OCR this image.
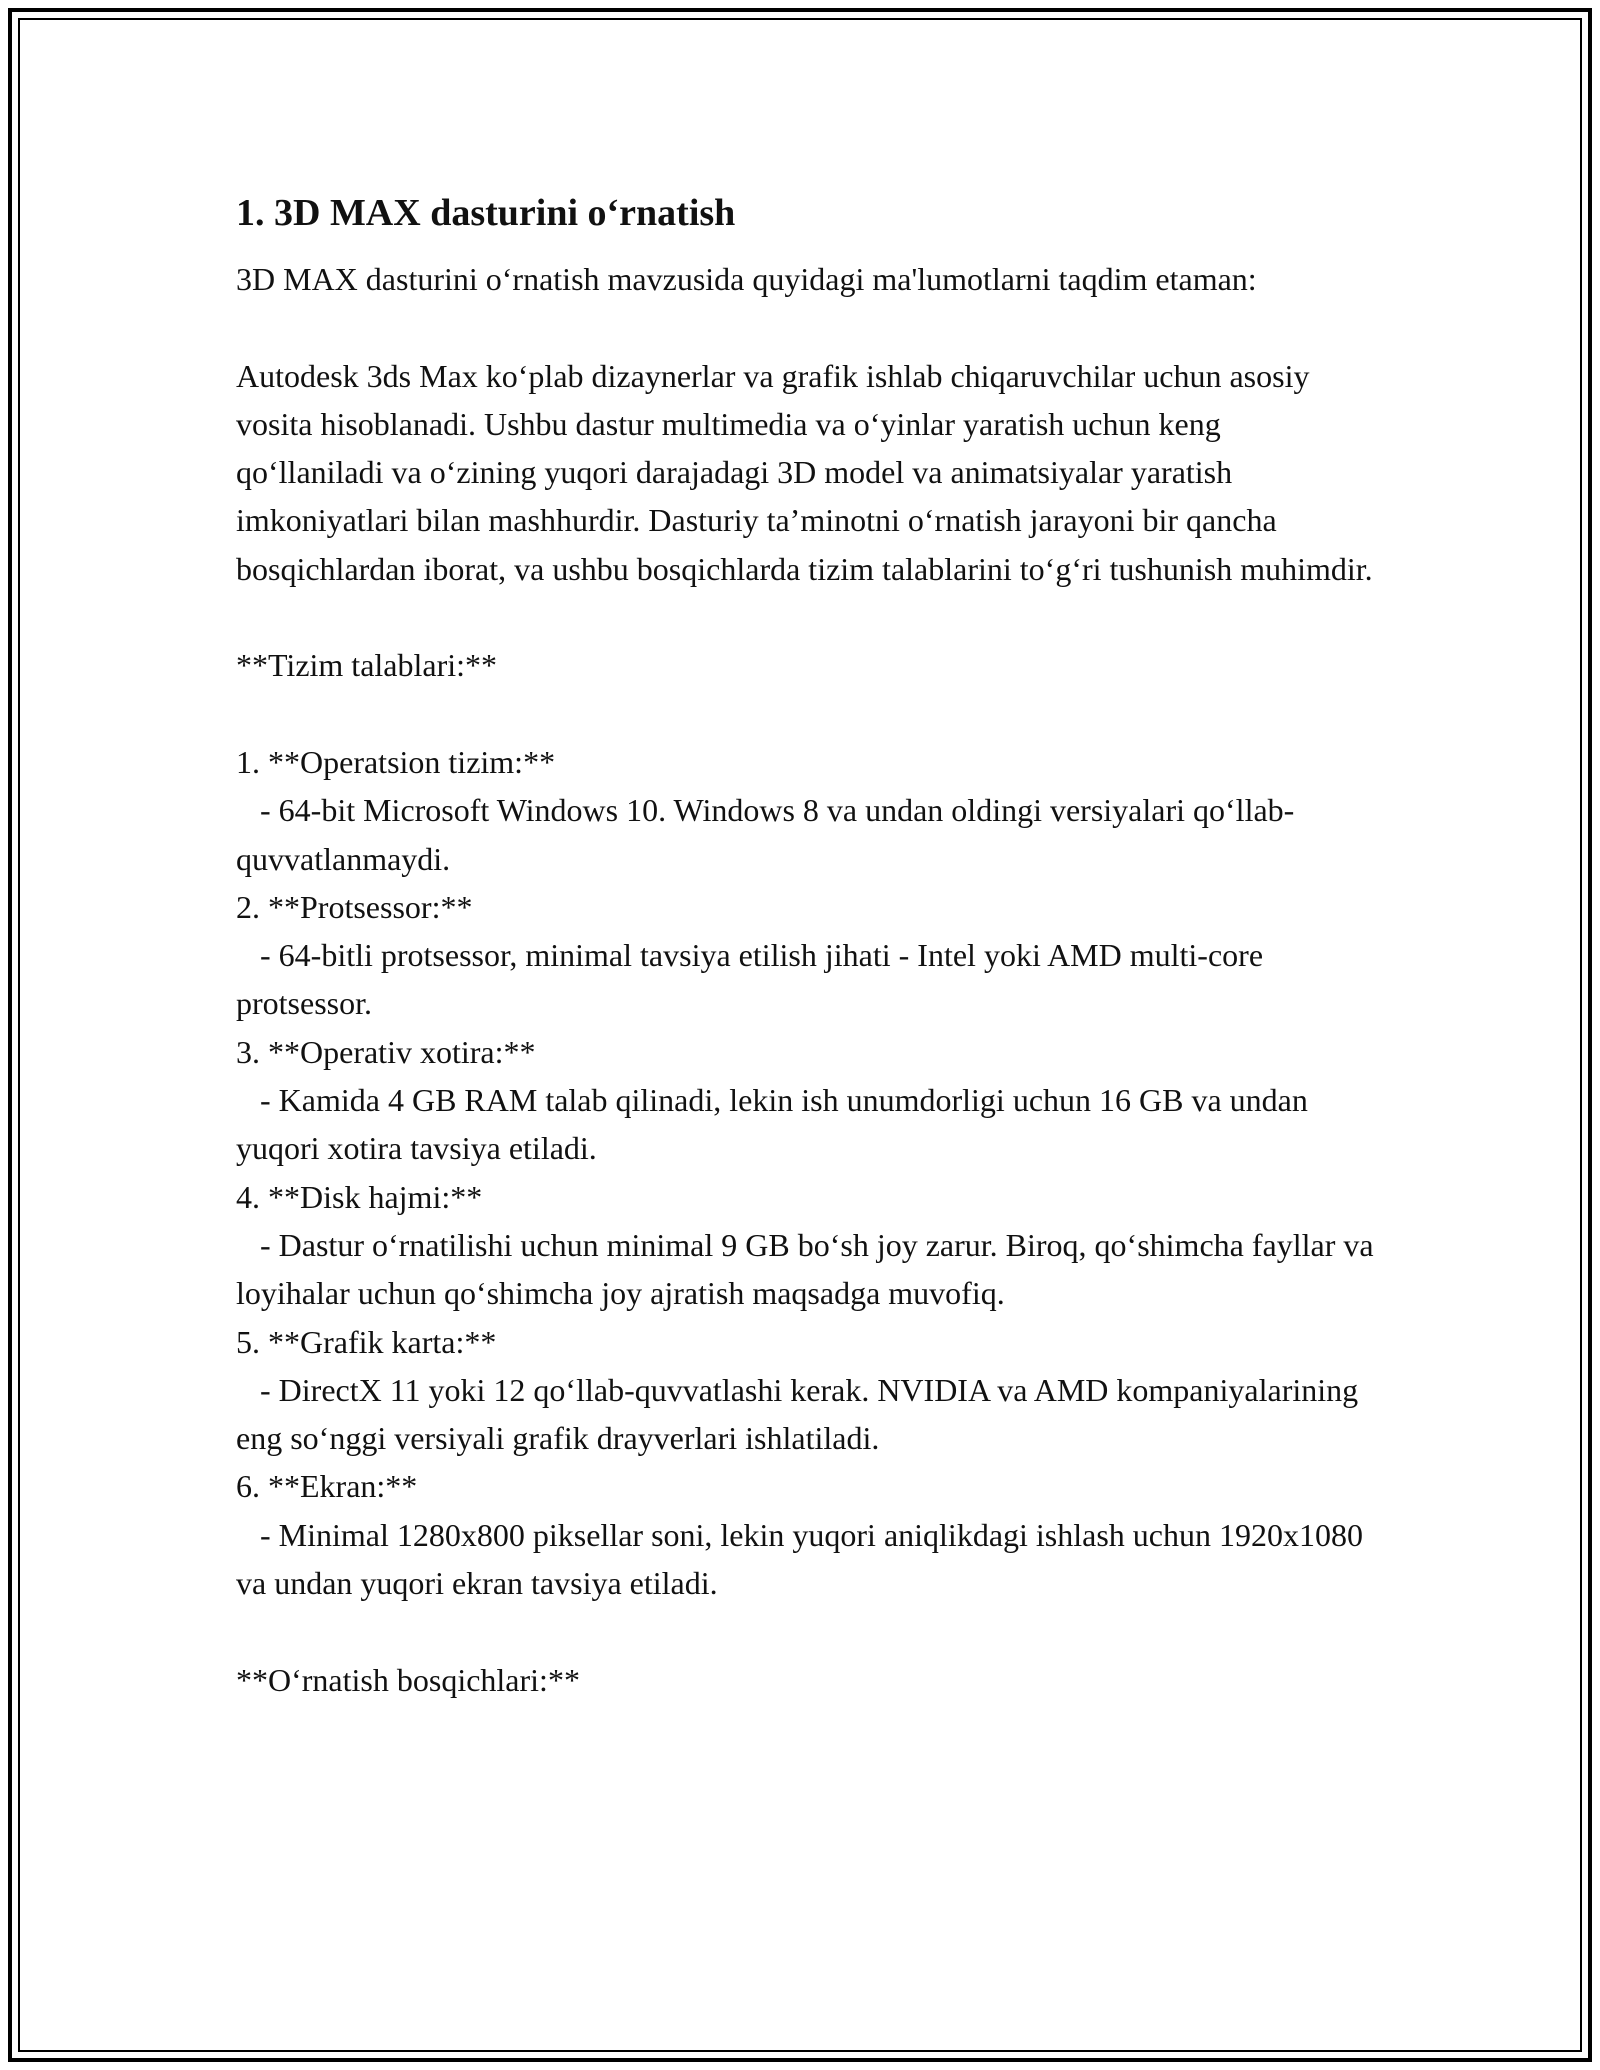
1. 3D MAX dasturini o‘rnatish

3D MAX dasturini o‘rnatish mavzusida quyidagi ma'lumotlarni taqdim etaman:

Autodesk 3ds Max ko‘plab dizaynerlar va grafik ishlab chiqaruvchilar uchun asosiy vosita hisoblanadi. Ushbu dastur multimedia va o‘yinlar yaratish uchun keng qo‘llaniladi va o‘zining yuqori darajadagi 3D model va animatsiyalar yaratish imkoniyatlari bilan mashhurdir. Dasturiy ta’minotni o‘rnatish jarayoni bir qancha bosqichlardan iborat, va ushbu bosqichlarda tizim talablarini to‘g‘ri tushunish muhimdir.

**Tizim talablari:**

1. **Operatsion tizim:**

- 64-bit Microsoft Windows 10. Windows 8 va undan oldingi versiyalari qo‘llab-quvvatlanmaydi.

2. **Protsessor:**

- 64-bitli protsessor, minimal tavsiya etilish jihati - Intel yoki AMD multi-core protsessor.

3. **Operativ xotira:**

- Kamida 4 GB RAM talab qilinadi, lekin ish unumdorligi uchun 16 GB va undan yuqori xotira tavsiya etiladi.

4. **Disk hajmi:**

- Dastur o‘rnatilishi uchun minimal 9 GB bo‘sh joy zarur. Biroq, qo‘shimcha fayllar va loyihalar uchun qo‘shimcha joy ajratish maqsadga muvofiq.

5. **Grafik karta:**

- DirectX 11 yoki 12 qo‘llab-quvvatlashi kerak. NVIDIA va AMD kompaniyalarining eng so‘nggi versiyali grafik drayverlari ishlatiladi.

6. **Ekran:**

- Minimal 1280x800 piksellar soni, lekin yuqori aniqlikdagi ishlash uchun 1920x1080 va undan yuqori ekran tavsiya etiladi.

**O‘rnatish bosqichlari:**
